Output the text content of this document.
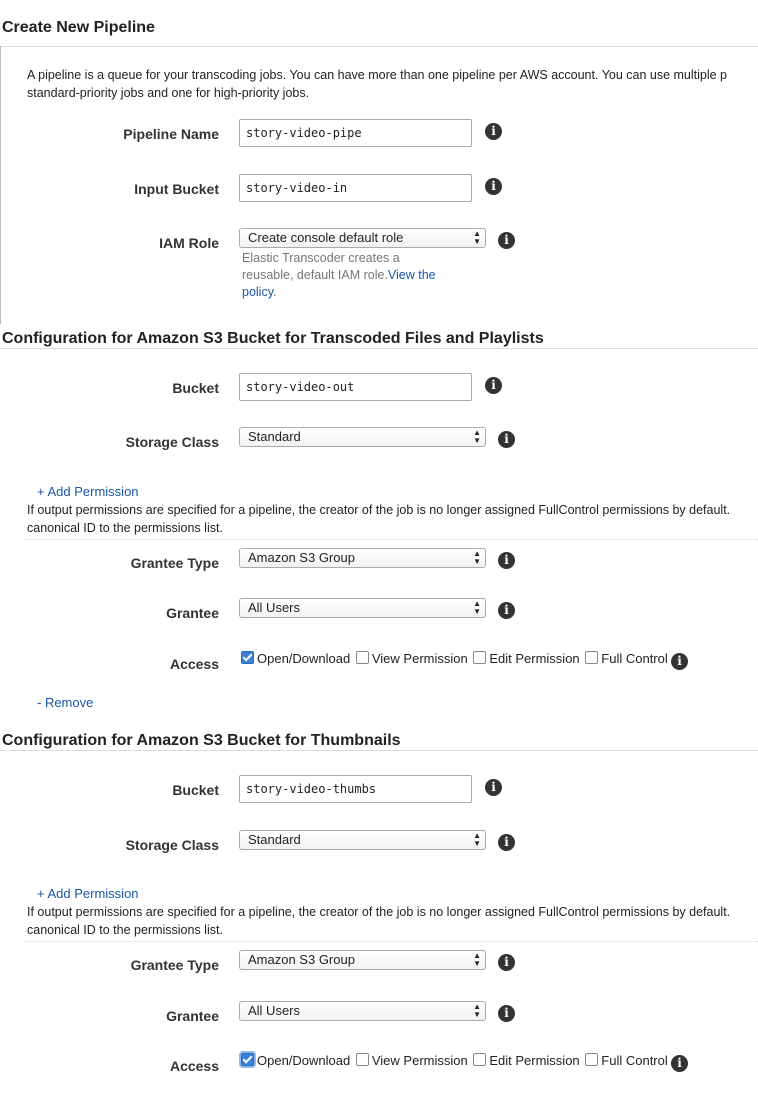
Create New Pipeline
A pipeline is a queue for your transcoding jobs. You can have more than one pipeline per AWS account. You can use multiple p
standard-priority jobs and one for high-priority jobs.
Pipeline Name
story-video-pipe	i
Input Bucket
story-video-in	i
IAM Role	Create console default role	▲
▼	i
Elastic Transcoder creates a
reusable, default IAM role.View the
policy.
Configuration for Amazon S3 Bucket for Transcoded Files and Playlists
Bucket
story-video-out	i
Storage Class	Standard	▲
▼	i
+ Add Permission
If output permissions are specified for a pipeline, the creator of the job is no longer assigned FullControl permissions by default.
canonical ID to the permissions list.
Grantee Type	Amazon S3 Group	▲
▼	i
Grantee	All Users	▲
▼	i
Access	Open/Download View Permission Edit Permission Full Control i
- Remove
Configuration for Amazon S3 Bucket for Thumbnails
Bucket
story-video-thumbs	i
Storage Class	Standard	▲
▼	i
+ Add Permission
If output permissions are specified for a pipeline, the creator of the job is no longer assigned FullControl permissions by default.
canonical ID to the permissions list.
Grantee Type	Amazon S3 Group	▲
▼	i
Grantee	All Users	▲
▼	i
Access	Open/Download View Permission Edit Permission Full Control i
